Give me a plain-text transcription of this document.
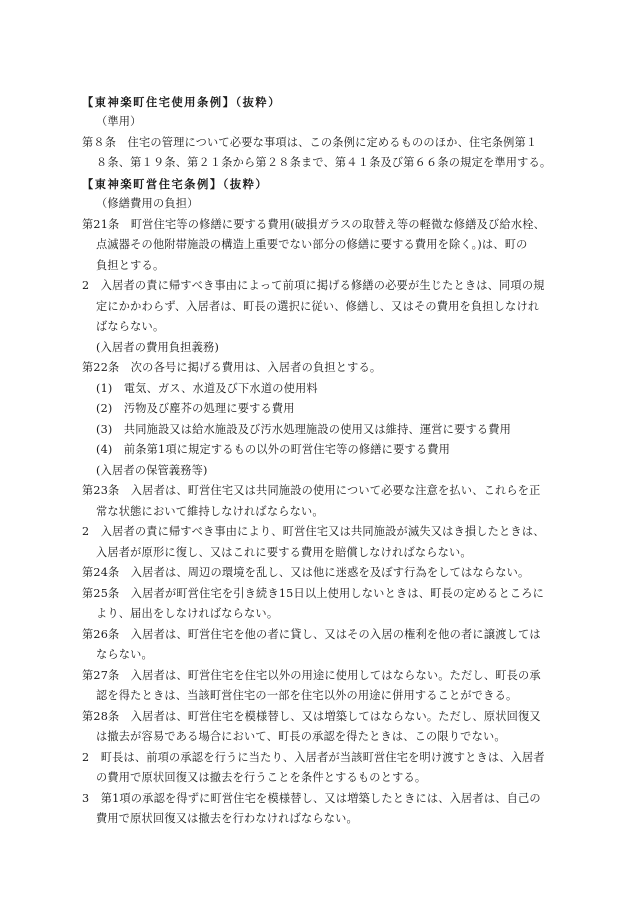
【東神楽町住宅使用条例】（抜粋）
（準用）
第８条　住宅の管理について必要な事項は、この条例に定めるもののほか、住宅条例第１
８条、第１９条、第２１条から第２８条まで、第４１条及び第６６条の規定を準用する。
【東神楽町営住宅条例】（抜粋）
（修繕費用の負担）
第21条　町営住宅等の修繕に要する費用(破損ガラスの取替え等の軽微な修繕及び給水栓、
点滅器その他附帯施設の構造上重要でない部分の修繕に要する費用を除く。)は、町の
負担とする。
2　入居者の責に帰すべき事由によって前項に掲げる修繕の必要が生じたときは、同項の規
定にかかわらず、入居者は、町長の選択に従い、修繕し、又はその費用を負担しなけれ
ばならない。
(入居者の費用負担義務)
第22条　次の各号に掲げる費用は、入居者の負担とする。
(1)　電気、ガス、水道及び下水道の使用料
(2)　汚物及び塵芥の処理に要する費用
(3)　共同施設又は給水施設及び汚水処理施設の使用又は維持、運営に要する費用
(4)　前条第1項に規定するもの以外の町営住宅等の修繕に要する費用
(入居者の保管義務等)
第23条　入居者は、町営住宅又は共同施設の使用について必要な注意を払い、これらを正
常な状態において維持しなければならない。
2　入居者の責に帰すべき事由により、町営住宅又は共同施設が滅失又はき損したときは、
入居者が原形に復し、又はこれに要する費用を賠償しなければならない。
第24条　入居者は、周辺の環境を乱し、又は他に迷惑を及ぼす行為をしてはならない。
第25条　入居者が町営住宅を引き続き15日以上使用しないときは、町長の定めるところに
より、届出をしなければならない。
第26条　入居者は、町営住宅を他の者に貸し、又はその入居の権利を他の者に譲渡しては
ならない。
第27条　入居者は、町営住宅を住宅以外の用途に使用してはならない。ただし、町長の承
認を得たときは、当該町営住宅の一部を住宅以外の用途に併用することができる。
第28条　入居者は、町営住宅を模様替し、又は増築してはならない。ただし、原状回復又
は撤去が容易である場合において、町長の承認を得たときは、この限りでない。
2　町長は、前項の承認を行うに当たり、入居者が当該町営住宅を明け渡すときは、入居者
の費用で原状回復又は撤去を行うことを条件とするものとする。
3　第1項の承認を得ずに町営住宅を模様替し、又は増築したときには、入居者は、自己の
費用で原状回復又は撤去を行わなければならない。
